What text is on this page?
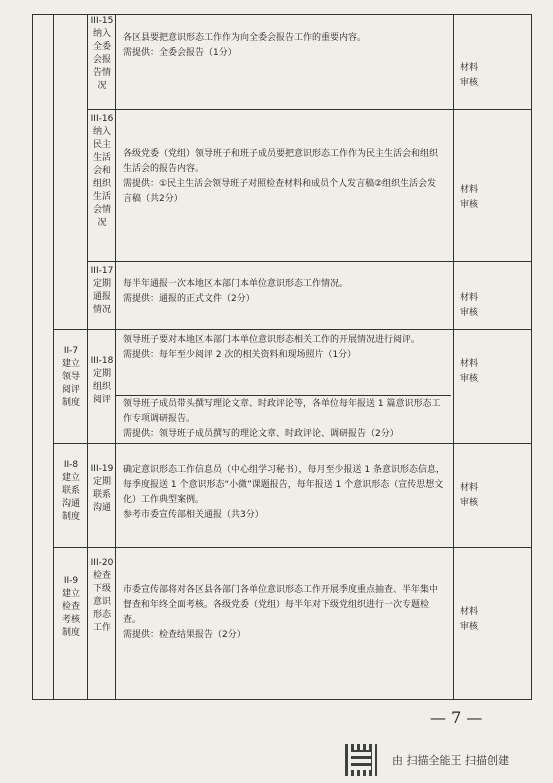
III-15
纳入全委会报告情况
各区县要把意识形态工作作为向全委会报告工作的重要内容。
需提供：全委会报告（1分）
材料审核
III-16
纳入民主生活会和组织生活会情况
各级党委（党组）领导班子和班子成员要把意识形态工作作为民主生活会和组织生活会的报告内容。
需提供：①民主生活会领导班子对照检查材料和成员个人发言稿②组织生活会发言稿（共2分）
材料审核
III-17
定期通报情况
每半年通报一次本地区本部门本单位意识形态工作情况。
需提供：通报的正式文件（2分）	材料审核
II-7
建立领导阅评制度
III-18
定期组织阅评
领导班子要对本地区本部门本单位意识形态相关工作的开展情况进行阅评。
需提供：每年至少阅评 2 次的相关资料和现场照片（1分）
领导班子成员带头撰写理论文章、时政评论等，各单位每年报送 1 篇意识形态工作专项调研报告。
需提供：领导班子成员撰写的理论文章、时政评论、调研报告（2分）
材料审核
II-8
建立联系沟通制度
III-19
定期联系沟通
确定意识形态工作信息员（中心组学习秘书），每月至少报送 1 条意识形态信息，每季度报送 1 个意识形态“小微”课题报告，每年报送 1 个意识形态（宣传思想文化）工作典型案例。
参考市委宣传部相关通报（共3分）
材料审核
II-9
建立检查考核制度
III-20
检查下级意识形态工作
市委宣传部将对各区县各部门各单位意识形态工作开展季度重点抽查、半年集中督查和年终全面考核。各级党委（党组）每半年对下级党组织进行一次专题检查。
需提供：检查结果报告（2分）
材料审核
— 7 —
由 扫描全能王 扫描创建
